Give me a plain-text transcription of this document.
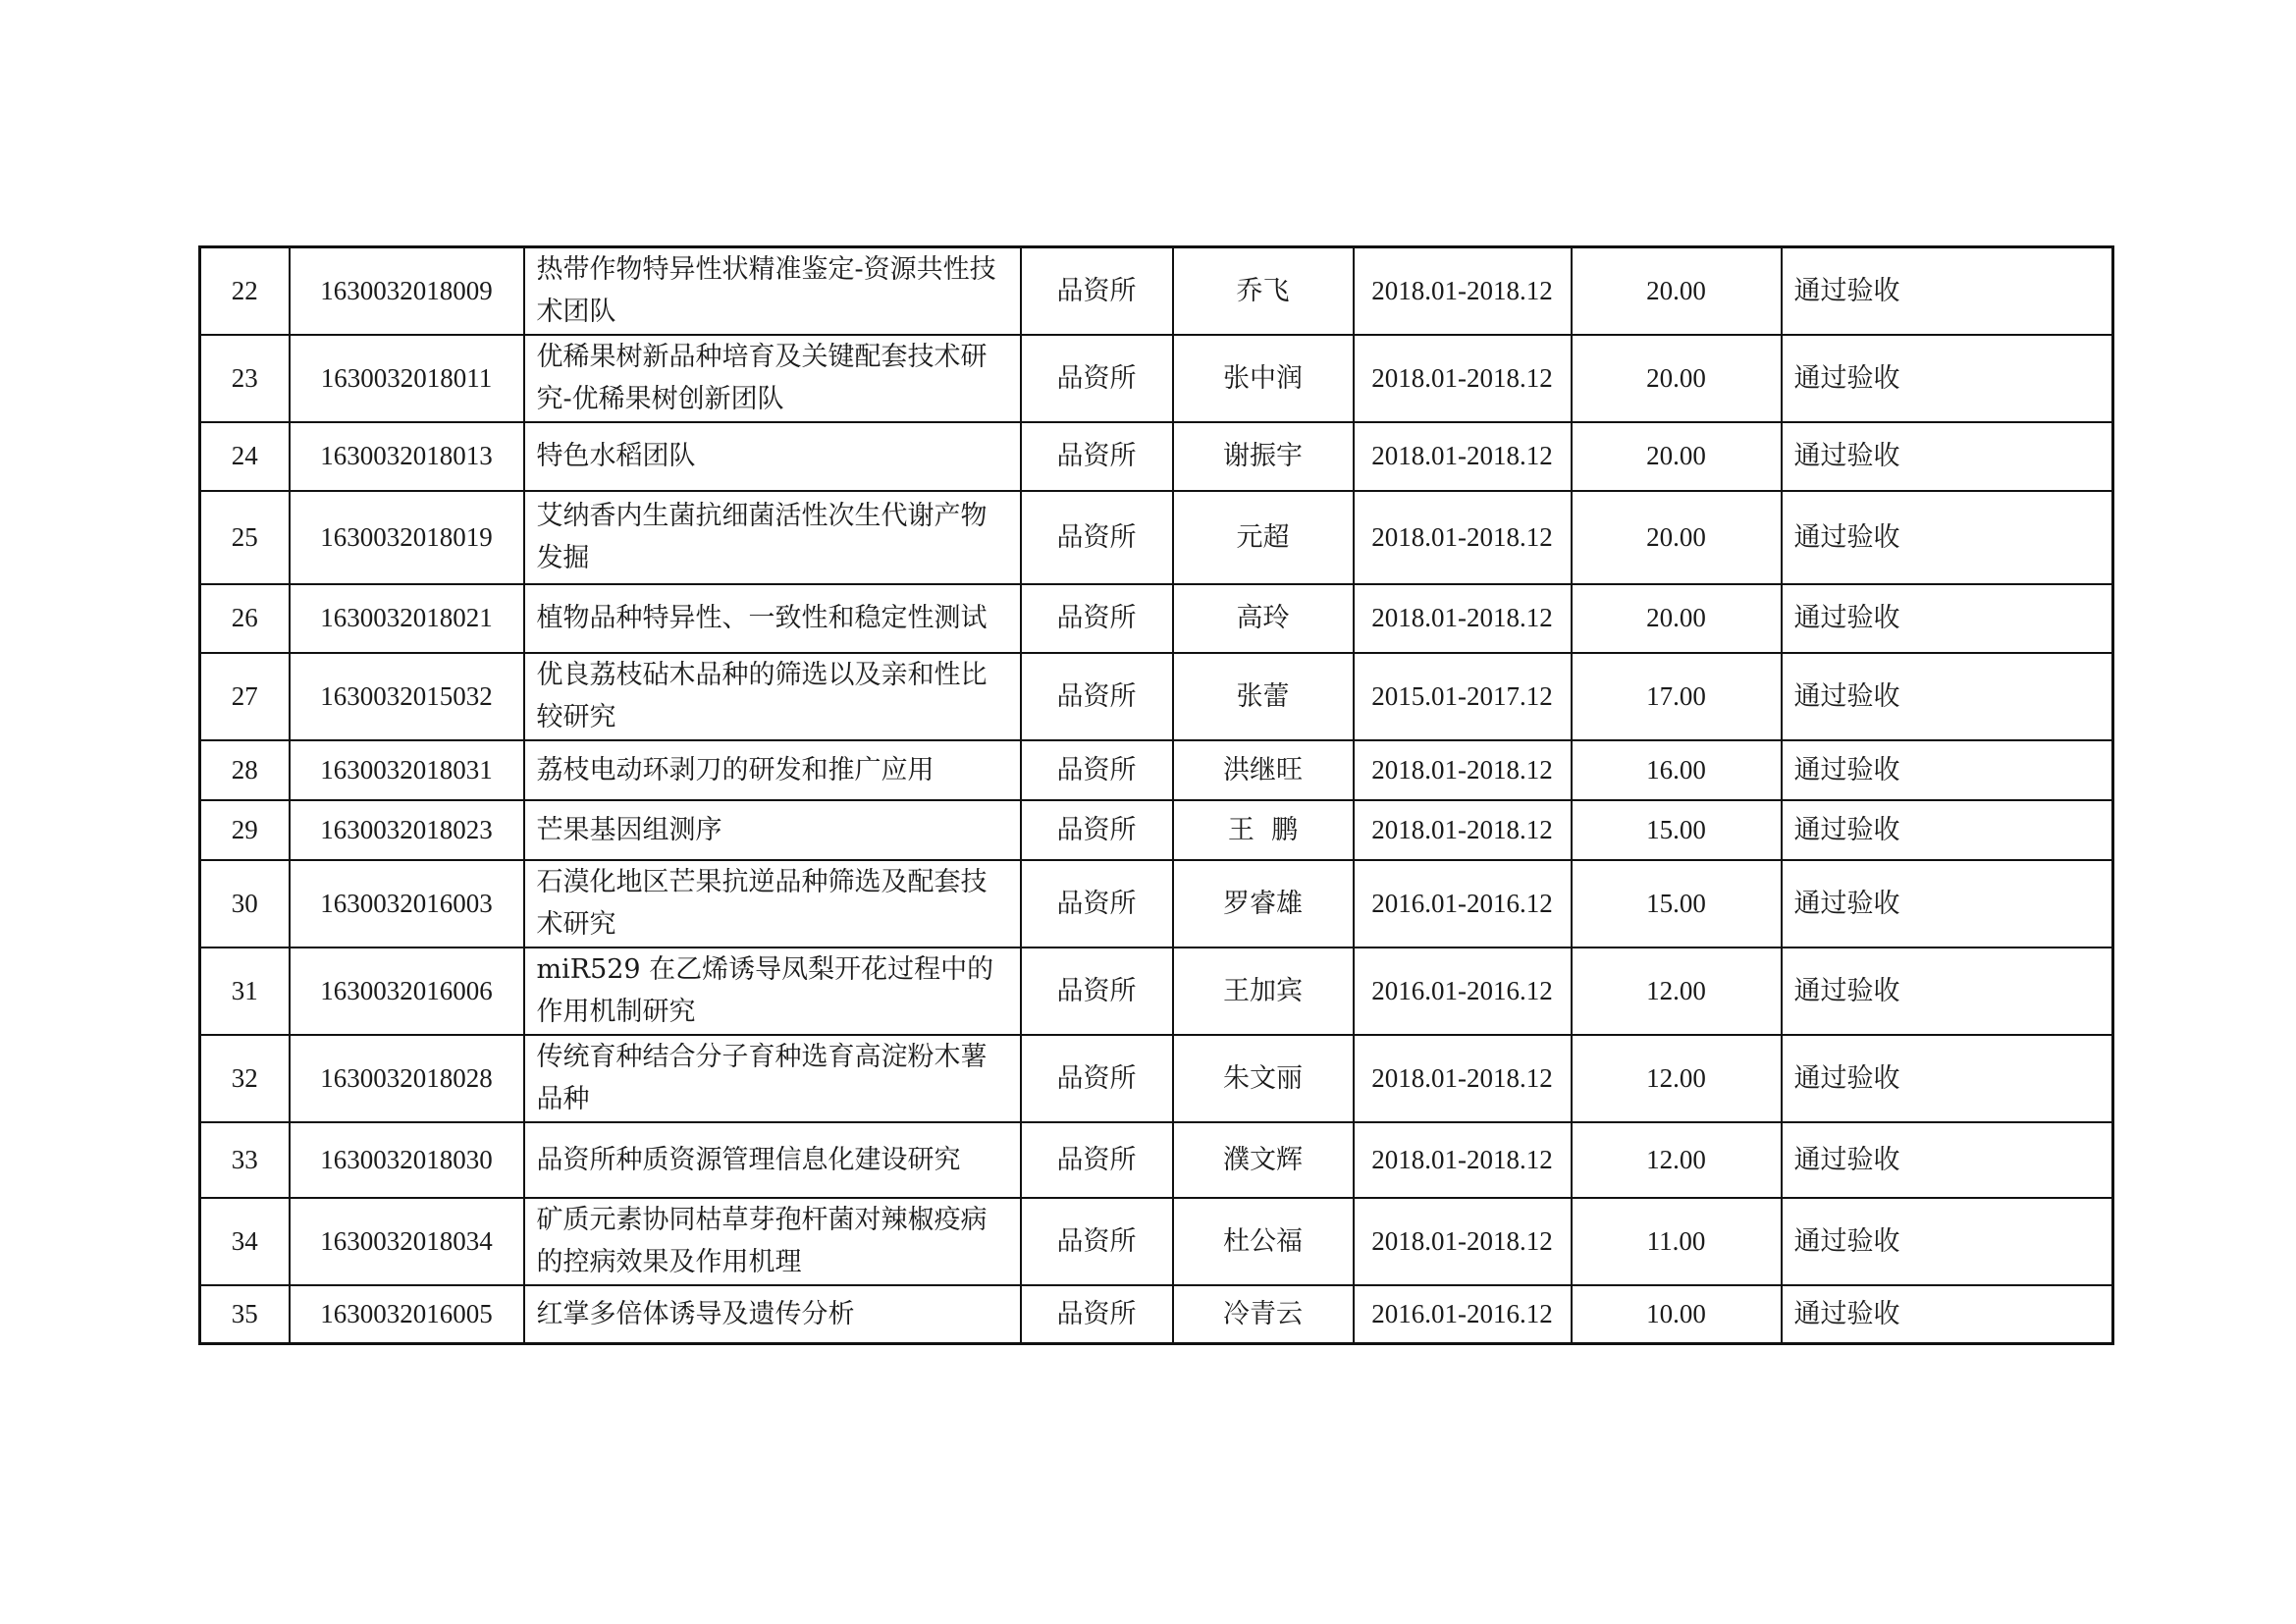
22	1630032018009	热带作物特异性状精准鉴定-资源共性技术团队	品资所	乔飞	2018.01-2018.12	20.00	通过验收
23	1630032018011	优稀果树新品种培育及关键配套技术研究-优稀果树创新团队	品资所	张中润	2018.01-2018.12	20.00	通过验收
24	1630032018013	特色水稻团队	品资所	谢振宇	2018.01-2018.12	20.00	通过验收
25	1630032018019	艾纳香内生菌抗细菌活性次生代谢产物发掘	品资所	元超	2018.01-2018.12	20.00	通过验收
26	1630032018021	植物品种特异性、一致性和稳定性测试	品资所	高玲	2018.01-2018.12	20.00	通过验收
27	1630032015032	优良荔枝砧木品种的筛选以及亲和性比较研究	品资所	张蕾	2015.01-2017.12	17.00	通过验收
28	1630032018031	荔枝电动环剥刀的研发和推广应用	品资所	洪继旺	2018.01-2018.12	16.00	通过验收
29	1630032018023	芒果基因组测序	品资所	王  鹏	2018.01-2018.12	15.00	通过验收
30	1630032016003	石漠化地区芒果抗逆品种筛选及配套技术研究	品资所	罗睿雄	2016.01-2016.12	15.00	通过验收
31	1630032016006	miR529 在乙烯诱导凤梨开花过程中的作用机制研究	品资所	王加宾	2016.01-2016.12	12.00	通过验收
32	1630032018028	传统育种结合分子育种选育高淀粉木薯品种	品资所	朱文丽	2018.01-2018.12	12.00	通过验收
33	1630032018030	品资所种质资源管理信息化建设研究	品资所	濮文辉	2018.01-2018.12	12.00	通过验收
34	1630032018034	矿质元素协同枯草芽孢杆菌对辣椒疫病的控病效果及作用机理	品资所	杜公福	2018.01-2018.12	11.00	通过验收
35	1630032016005	红掌多倍体诱导及遗传分析	品资所	冷青云	2016.01-2016.12	10.00	通过验收
